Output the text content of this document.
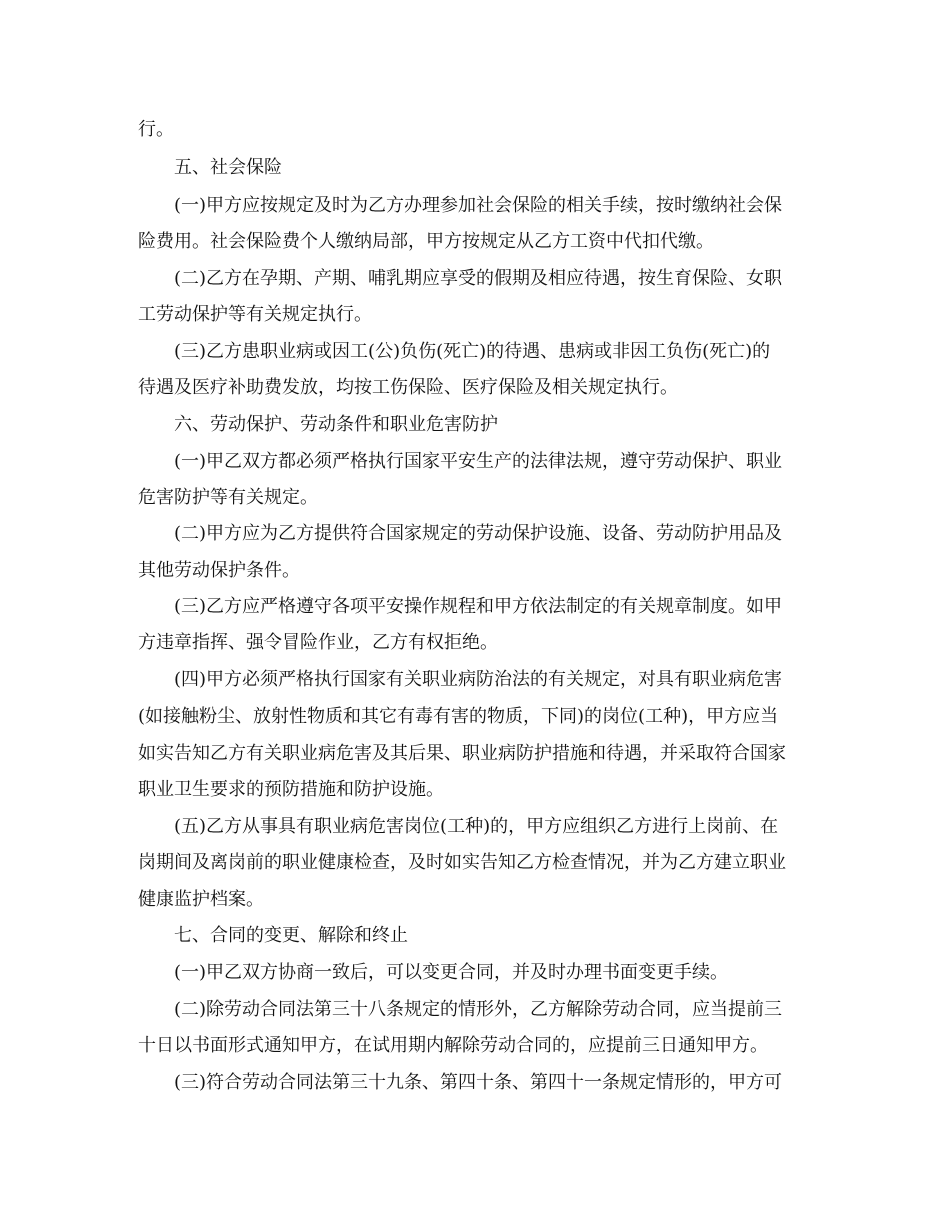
行。
五、社会保险
(一)甲方应按规定及时为乙方办理参加社会保险的相关手续，按时缴纳社会保
险费用。社会保险费个人缴纳局部，甲方按规定从乙方工资中代扣代缴。
(二)乙方在孕期、产期、哺乳期应享受的假期及相应待遇，按生育保险、女职
工劳动保护等有关规定执行。
(三)乙方患职业病或因工(公)负伤(死亡)的待遇、患病或非因工负伤(死亡)的
待遇及医疗补助费发放，均按工伤保险、医疗保险及相关规定执行。
六、劳动保护、劳动条件和职业危害防护
(一)甲乙双方都必须严格执行国家平安生产的法律法规，遵守劳动保护、职业
危害防护等有关规定。
(二)甲方应为乙方提供符合国家规定的劳动保护设施、设备、劳动防护用品及
其他劳动保护条件。
(三)乙方应严格遵守各项平安操作规程和甲方依法制定的有关规章制度。如甲
方违章指挥、强令冒险作业，乙方有权拒绝。
(四)甲方必须严格执行国家有关职业病防治法的有关规定，对具有职业病危害
(如接触粉尘、放射性物质和其它有毒有害的物质，下同)的岗位(工种)，甲方应当
如实告知乙方有关职业病危害及其后果、职业病防护措施和待遇，并采取符合国家
职业卫生要求的预防措施和防护设施。
(五)乙方从事具有职业病危害岗位(工种)的，甲方应组织乙方进行上岗前、在
岗期间及离岗前的职业健康检查，及时如实告知乙方检查情况，并为乙方建立职业
健康监护档案。
七、合同的变更、解除和终止
(一)甲乙双方协商一致后，可以变更合同，并及时办理书面变更手续。
(二)除劳动合同法第三十八条规定的情形外，乙方解除劳动合同，应当提前三
十日以书面形式通知甲方，在试用期内解除劳动合同的，应提前三日通知甲方。
(三)符合劳动合同法第三十九条、第四十条、第四十一条规定情形的，甲方可
